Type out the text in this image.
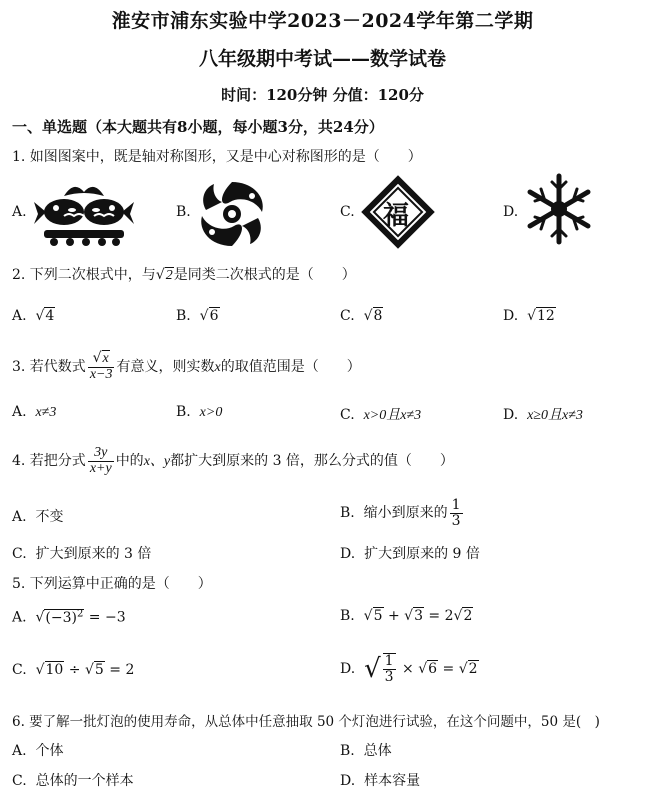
淮安市浦东实验中学2023－2024学年第二学期
八年级期中考试——数学试卷
时间：120分钟 分值：120分
一、单选题（本大题共有8小题，每小题3分，共24分）
1. 如图图案中，既是轴对称图形，又是中心对称图形的是（　　）
A.	B.	C.	D.
福
2. 下列二次根式中，与√2是同类二次根式的是（　　）
A. √4	B. √6	C. √8	D. √12
3. 若代数式 $\frac{√x}{x-3}$ 有意义，则实数x的取值范围是（　　）
A. x≠3	B. x>0	C. x>0且x≠3	D. x≥0且x≠3
4. 若把分式 $\frac{3y}{x+y}$ 中的x、y都扩大到原来的 3 倍，那么分式的值（　　）
A. 不变	B. 缩小到原来的 $\frac{1}{3}$
C. 扩大到原来的 3 倍	D. 扩大到原来的 9 倍
5. 下列运算中正确的是（　　）
A. $√(-3)^2 = -3$	B. √5 + √3 = 2√2
C. √10 ÷ √5 = 2	D. √ $\frac{1}{3} \times √6 = √2$
6. 要了解一批灯泡的使用寿命，从总体中任意抽取 50 个灯泡进行试验，在这个问题中，50 是(　)
A. 个体	B. 总体
C. 总体的一个样本	D. 样本容量
